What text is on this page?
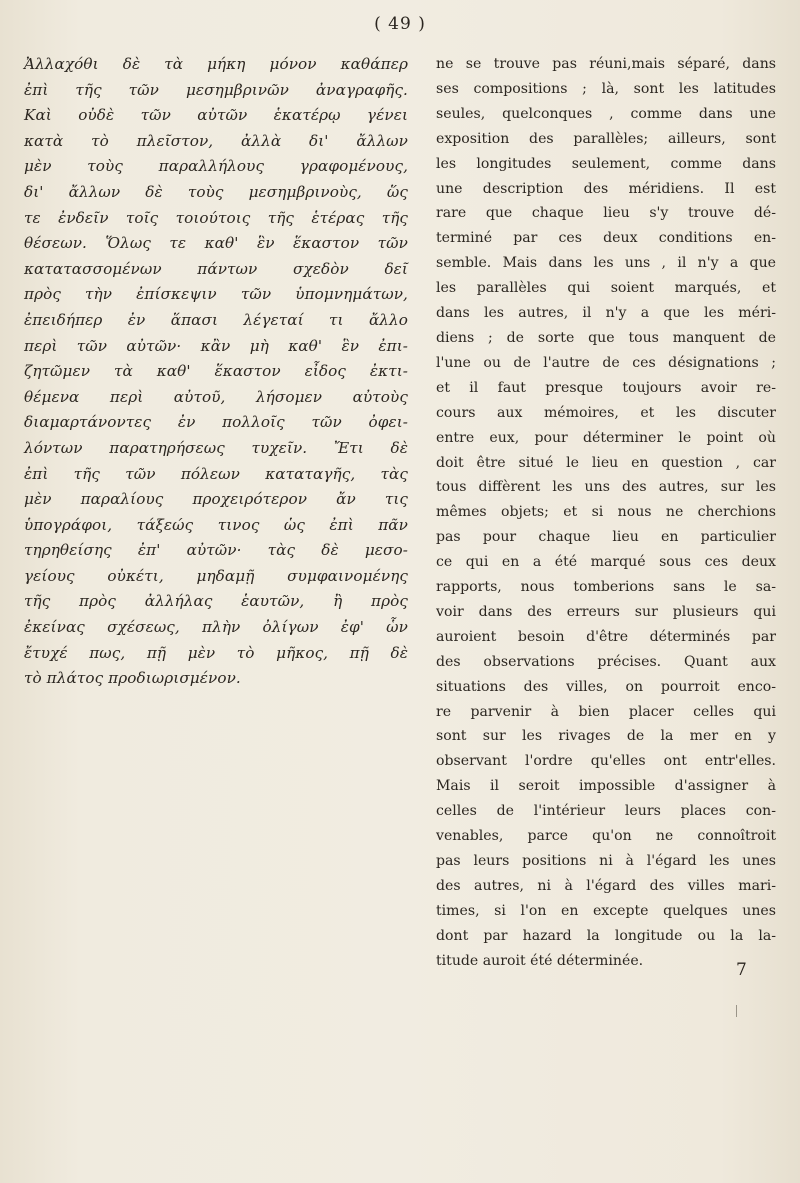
( 49 )

Ἀλλαχόθι δὲ τὰ μήκη μόνον καθάπερ
ἐπὶ τῆς τῶν μεσημβρινῶν ἀναγραφῆς.
Καὶ οὐδὲ τῶν αὐτῶν ἑκατέρῳ γένει
κατὰ τὸ πλεῖστον, ἀλλὰ δι' ἄλλων
μὲν τοὺς παραλλήλους γραφομένους,
δι' ἄλλων δὲ τοὺς μεσημβρινοὺς, ὥς
τε ἐνδεῖν τοῖς τοιούτοις τῆς ἑτέρας τῆς
θέσεων. Ὅλως τε καθ' ἓν ἕκαστον τῶν
κατατασσομένων πάντων σχεδὸν δεῖ
πρὸς τὴν ἐπίσκεψιν τῶν ὑπομνημάτων,
ἐπειδήπερ ἐν ἅπασι λέγεταί τι ἄλλο
περὶ τῶν αὐτῶν· κἂν μὴ καθ' ἓν ἐπι-
ζητῶμεν τὰ καθ' ἕκαστον εἶδος ἐκτι-
θέμενα περὶ αὐτοῦ, λήσομεν αὐτοὺς
διαμαρτάνοντες ἐν πολλοῖς τῶν ὀφει-
λόντων παρατηρήσεως τυχεῖν. Ἔτι δὲ
ἐπὶ τῆς τῶν πόλεων καταταγῆς, τὰς
μὲν παραλίους προχειρότερον ἄν τις
ὑπογράφοι, τάξεώς τινος ὡς ἐπὶ πᾶν
τηρηθείσης ἐπ' αὐτῶν· τὰς δὲ μεσο-
γείους οὐκέτι, μηδαμῇ συμφαινομένης
τῆς πρὸς ἀλλήλας ἑαυτῶν, ἢ πρὸς
ἐκείνας σχέσεως, πλὴν ὀλίγων ἐφ' ὧν
ἔτυχέ πως, πῇ μὲν τὸ μῆκος, πῇ δὲ
τὸ πλάτος προδιωρισμένον.
ne se trouve pas réuni,mais séparé, dans
ses compositions ; là, sont les latitudes
seules, quelconques , comme dans une
exposition des parallèles; ailleurs, sont
les longitudes seulement, comme dans
une description des méridiens. Il est
rare que chaque lieu s'y trouve dé-
terminé par ces deux conditions en-
semble. Mais dans les uns , il n'y a que
les parallèles qui soient marqués, et
dans les autres, il n'y a que les méri-
diens ; de sorte que tous manquent de
l'une ou de l'autre de ces désignations ;
et il faut presque toujours avoir re-
cours aux mémoires, et les discuter
entre eux, pour déterminer le point où
doit être situé le lieu en question , car
tous diffèrent les uns des autres, sur les
mêmes objets; et si nous ne cherchions
pas pour chaque lieu en particulier
ce qui en a été marqué sous ces deux
rapports, nous tomberions sans le sa-
voir dans des erreurs sur plusieurs qui
auroient besoin d'être déterminés par
des observations précises. Quant aux
situations des villes, on pourroit enco-
re parvenir à bien placer celles qui
sont sur les rivages de la mer en y
observant l'ordre qu'elles ont entr'elles.
Mais il seroit impossible d'assigner à
celles de l'intérieur leurs places con-
venables, parce qu'on ne connoîtroit
pas leurs positions ni à l'égard les unes
des autres, ni à l'égard des villes mari-
times, si l'on en excepte quelques unes
dont par hazard la longitude ou la la-
titude auroit été déterminée.	7
